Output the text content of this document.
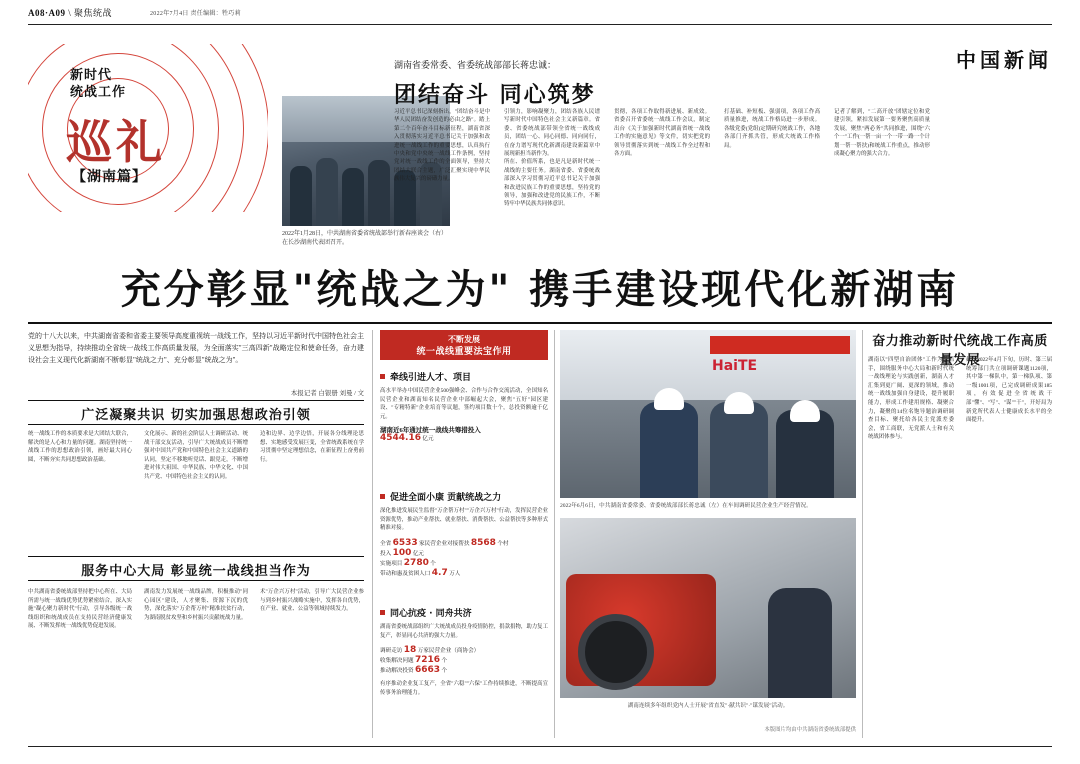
A08·A09 \ 聚焦统战	2022年7月4日 责任编辑：牲巧莉
中国新闻
新时代
统战工作
巡礼
【湖南篇】
2022年1月28日，中共湖南省委省统战部举行新春座谈会（右）在长沙湖南代表团召开。
湖南省委常委、省委统战部部长蒋忠诚：
团结奋斗 同心筑梦
习近平总书记深刻指出，"团结奋斗是中华人民团结奋发创造的必由之路"。踏上第二个百年奋斗目标新征程，湖南省深入贯彻落实习近平总书记关于加强和改进统一战线工作的重要思想，认真执行中央和党中央统一战线工作条例，坚持党对统一战线工作的全面领导，坚持大团结大联合主题，广泛汇聚实现中华民族伟大复兴的磅礴力量。
引领力，影响凝聚力，团结各族人民谱写新时代中国特色社会主义新篇章。省委、省委统战部带领全省统一战线成员，团结一心、同心同德、同向同行，在奋力谱写现代化新湖南建设新篇章中展现新担当新作为。
贯彻，各项工作取得新进展、新成效。省委召开省委统一战线工作会议，制定出台《关于加强新时代湖南省统一战线工作的实施意见》等文件，切实把党的领导贯彻落实到统一战线工作全过程和各方面。
打基础、补短板、强弱项，各项工作高质量推进，统战工作格局进一步形成。各级党委(党组)定期研究统战工作，各地各部门齐抓共管，形成大统战工作格局。
记者了解到，"二高开放"团辖定位和党建引领，紧扣发展第一要务聚焦高质量发展，聚焦"两必务"共同推进，围绕"六个一"工作(一帮一亩一个一带一路一个计划一帮一帮扶)和统战工作重点，推动形成凝心聚力的强大合力。
所在、价值所系，也是凡是新时代统一战线的主要任务。湖南省委、省委统战部深入学习贯彻习近平总书记关于加强和改进民族工作的重要思想，坚持党的领导，加强和改进党的民族工作，不断铸牢中华民族共同体意识。
充分彰显"统战之为" 携手建设现代化新湖南
党的十八大以来，中共湖南省委和省委主要领导高度重视统一战线工作，坚持以习近平新时代中国特色社会主义思想为指导，持续推动全省统一战线工作高质量发展，为全面落实"三高四新"战略定位和使命任务，奋力建设社会主义现代化新湖南不断彰显"统战之力"、充分彰显"统战之为"。
本报记者 白银册 刘曼 / 文
广泛凝聚共识 切实加强思想政治引领
统一战线工作的本质要求是大团结大联合，解决的是人心和力量的问题。湖南坚持统一战线工作的思想政治引领，画好最大同心圆，不断夯实共同思想政治基础。
文化展示、新的社会阶层人士调研活动、统战干部交友活动，引导广大统战成员不断增强对中国共产党和中国特色社会主义道路的认同，坚定不移地听党话、跟党走，不断增进对伟大祖国、中华民族、中华文化、中国共产党、中国特色社会主义的认同。
边和边界、边学边悟，开展各分线理论思想、实地感受发展巨变，全省统战系统在学习贯彻中坚定理想信念，在新征程上奋勇前行。
服务中心大局 彰显统一战线担当作为
中共湖南省委统战部坚持把中心所在、大局所需与统一战线优势优势紧密结合，深入实施"凝心聚力新时代"行动，引导各级统一战线组织和统战成员在支持民营经济健康发展、不断发挥统一战线优势促进发展。
湖南发力发展统一战线品牌，积极推动"同心园区"建设，人才聚集、资源下沉的优势，深化落实"万企帮万村"精准扶贫行动，为湖南脱贫攻坚和乡村振兴贡献统战力量。
术"万企兴万村"活动，引导广大民营企业参与到乡村振兴战略实施中，发挥各自优势，在产业、就业、公益等领域持续发力。
不断发展
统一战线重要法宝作用
牵线引进人才、项目

高水平举办中国民营企业500强峰会、合作与合作交流活动，全国知名民营企业和湖南知名民营企业中部崛起大会，聚焦"五好"园区建设、"专精特新"企业培育等议题，签约项目数十个，总投资额逾千亿元。

湖南近6年通过统一战线共筹措投入
4544.16 亿元
促进全面小康 贡献统战之力

深化推进发展民生监督"万企帮万村""万企兴万村"行动，发挥民营企业资源优势，推动产业帮扶、就业帮扶、消费帮扶、公益帮扶等多种形式精准对接。

全省 6533 家民营企业对接帮扶 8568 个村
投入 100 亿元
实施项目 2780 个
带动和惠及贫困人口 4.7 万人
同心抗疫 · 同舟共济

湖南省委统战部组织广大统战成员投身疫情防控，捐款捐物，助力复工复产，彰显同心共济的强大力量。

调研走访 18 万家民营企业（商协会）
收集解决问题 7216 个
推动解决投资 6663 个

有序推动企业复工复产，全省"六稳""六保"工作持续推进，不断提高宣传事务治理能力。

HaiTE
2022年6月6日，中共湖南省委常委、省委统战部部长蒋忠诚（左）在车间调研民营企业生产经营情况。
湖南连续多年组织党内人士开展"省直发"·献共识"·"谋发展"活动。
本版图片均由中共湖南省委统战部提供
奋力推动新时代统战工作高质量发展
湖南以"四型自治团体"工作为总抓手，围绕服务中心大局和新时代统一战线理论与实践创新，湖南人才汇集到更广阔、更深的领域，推动统一战线加强自身建设，提升履职能力，形成工作建用规格、凝聚合力，凝聚的14位名饱导题治调研调查目标、聚托给各民主党派差委会，省工商联，无党派人士和有关统战团体参与。
截至2022年4月下旬，历时、第三届统筹部门共立项调研课题1120项，其中第一梯队中，第一梯队项、第一级1001项，已完成调研成果185项，有效促进全省统战干部"懂"、"写"、"谋""干"，开好局为新党所代表人士健康成长水平的全面提升。
